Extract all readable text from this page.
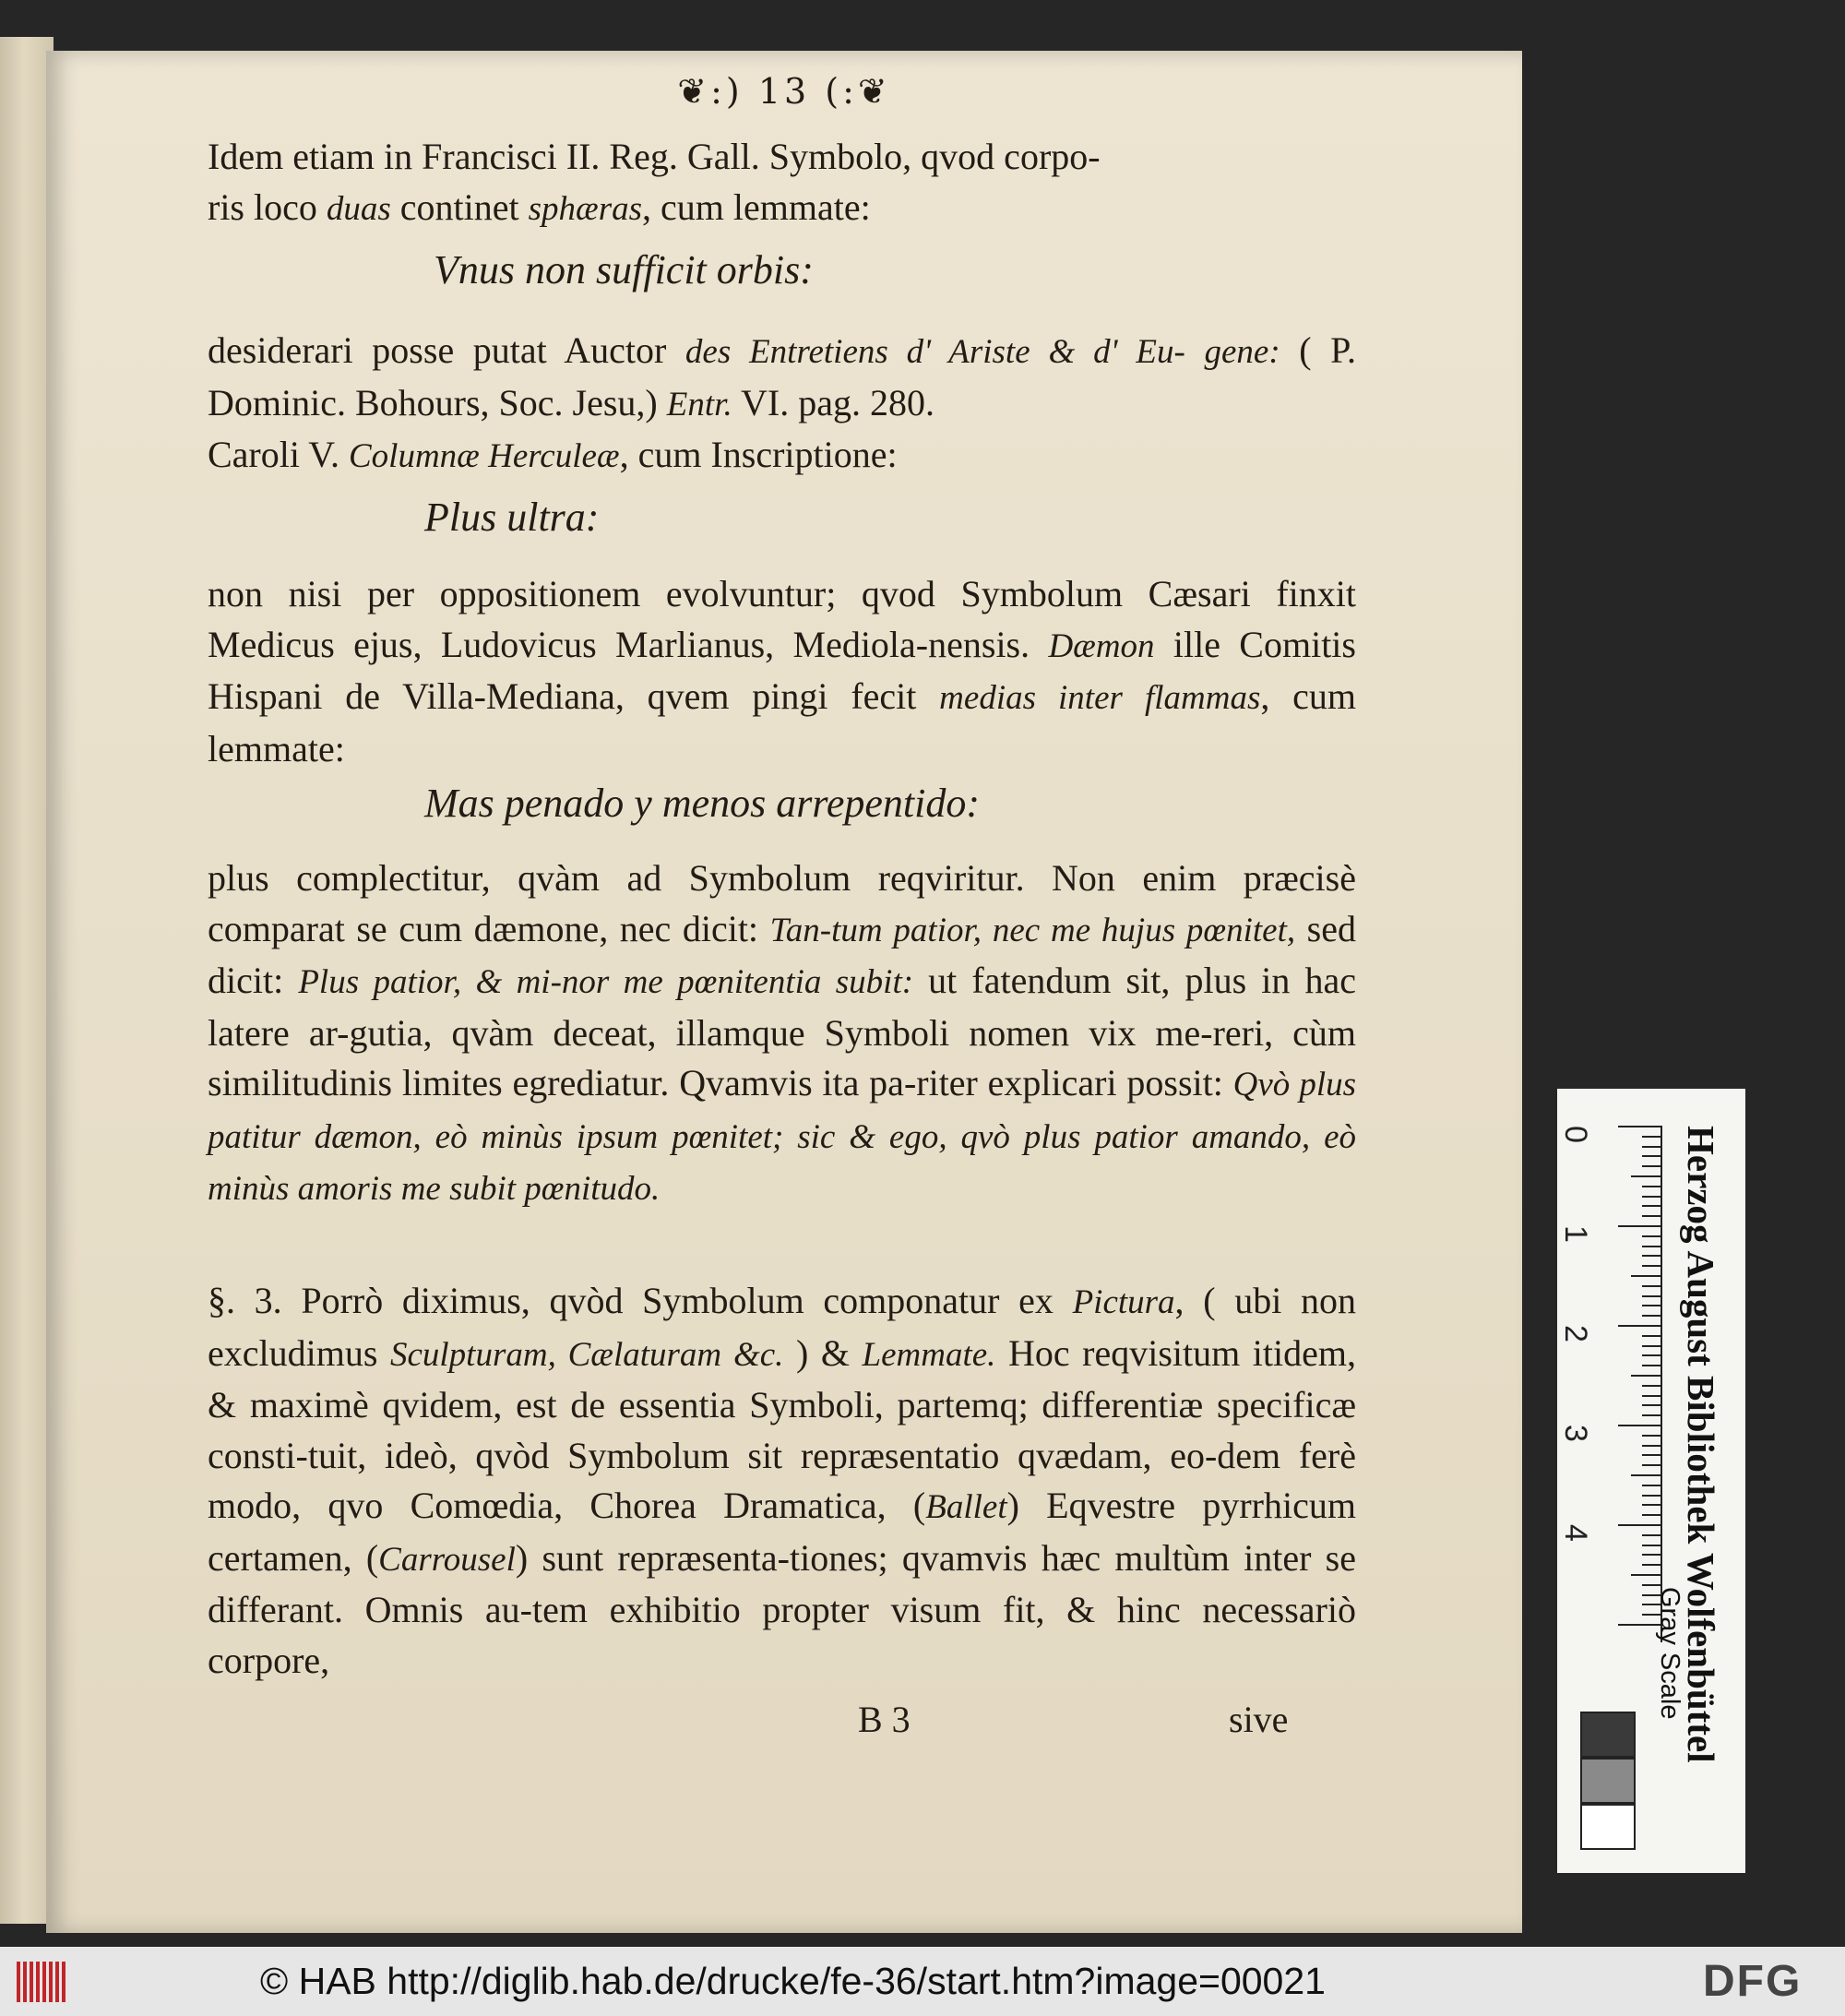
❦:) 13 (:❦
Idem etiam in Francisci II. Reg. Gall. Symbolo, qvod corpo-
ris loco duas continet sphæras, cum lemmate:
Vnus non sufficit orbis:
desiderari posse putat Auctor des Entretiens d' Ariste & d' Eu- gene: ( P. Dominic. Bohours, Soc. Jesu,) Entr. VI. pag. 280.
Caroli V. Columnæ Herculeæ, cum Inscriptione:
Plus ultra:
non nisi per oppositionem evolvuntur; qvod Symbolum Cæsari finxit Medicus ejus, Ludovicus Marlianus, Mediola-nensis. Dæmon ille Comitis Hispani de Villa-Mediana, qvem pingi fecit medias inter flammas, cum lemmate:
Mas penado y menos arrepentido:
plus complectitur, qvàm ad Symbolum reqviritur. Non enim præcisè comparat se cum dæmone, nec dicit: Tan-tum patior, nec me hujus pœnitet, sed dicit: Plus patior, & mi-nor me pœnitentia subit: ut fatendum sit, plus in hac latere ar-gutia, qvàm deceat, illamque Symboli nomen vix me-reri, cùm similitudinis limites egrediatur. Qvamvis ita pa-riter explicari possit: Qvò plus patitur dæmon, eò minùs ipsum pœnitet; sic & ego, qvò plus patior amando, eò minùs amoris me subit pœnitudo.
§. 3. Porrò diximus, qvòd Symbolum componatur ex Pictura, ( ubi non excludimus Sculpturam, Cælaturam &c. ) & Lemmate. Hoc reqvisitum itidem, & maximè qvidem, est de essentia Symboli, partemq; differentiæ specificæ consti-tuit, ideò, qvòd Symbolum sit repræsentatio qvædam, eo-dem ferè modo, qvo Comœdia, Chorea Dramatica, (Ballet) Eqvestre pyrrhicum certamen, (Carrousel) sunt repræsenta-tiones; qvamvis hæc multùm inter se differant. Omnis au-tem exhibitio propter visum fit, & hinc necessariò corpore,
B 3	sive
0
1
2
3
4 Herzog August Bibliothek Wolfenbüttel
Gray Scale
© HAB http://diglib.hab.de/drucke/fe-36/start.htm?image=00021	DFG
